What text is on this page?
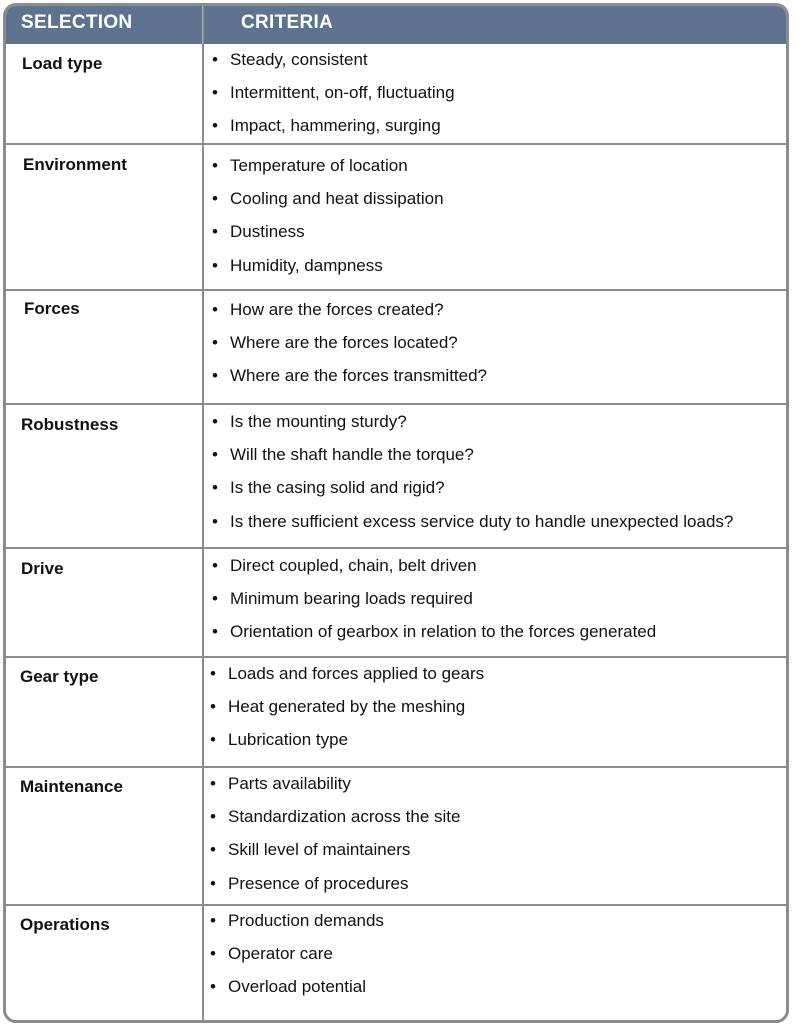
SELECTION	CRITERIA
Load type	• Steady, consistent
• Intermittent, on-off, fluctuating
• Impact, hammering, surging
Environment	• Temperature of location
• Cooling and heat dissipation
• Dustiness
• Humidity, dampness
Forces	• How are the forces created?
• Where are the forces located?
• Where are the forces transmitted?
Robustness	• Is the mounting sturdy?
• Will the shaft handle the torque?
• Is the casing solid and rigid?
• Is there sufficient excess service duty to handle unexpected loads?
Drive	• Direct coupled, chain, belt driven
• Minimum bearing loads required
• Orientation of gearbox in relation to the forces generated
Gear type	• Loads and forces applied to gears
• Heat generated by the meshing
• Lubrication type
Maintenance	• Parts availability
• Standardization across the site
• Skill level of maintainers
• Presence of procedures
Operations	• Production demands
• Operator care
• Overload potential
